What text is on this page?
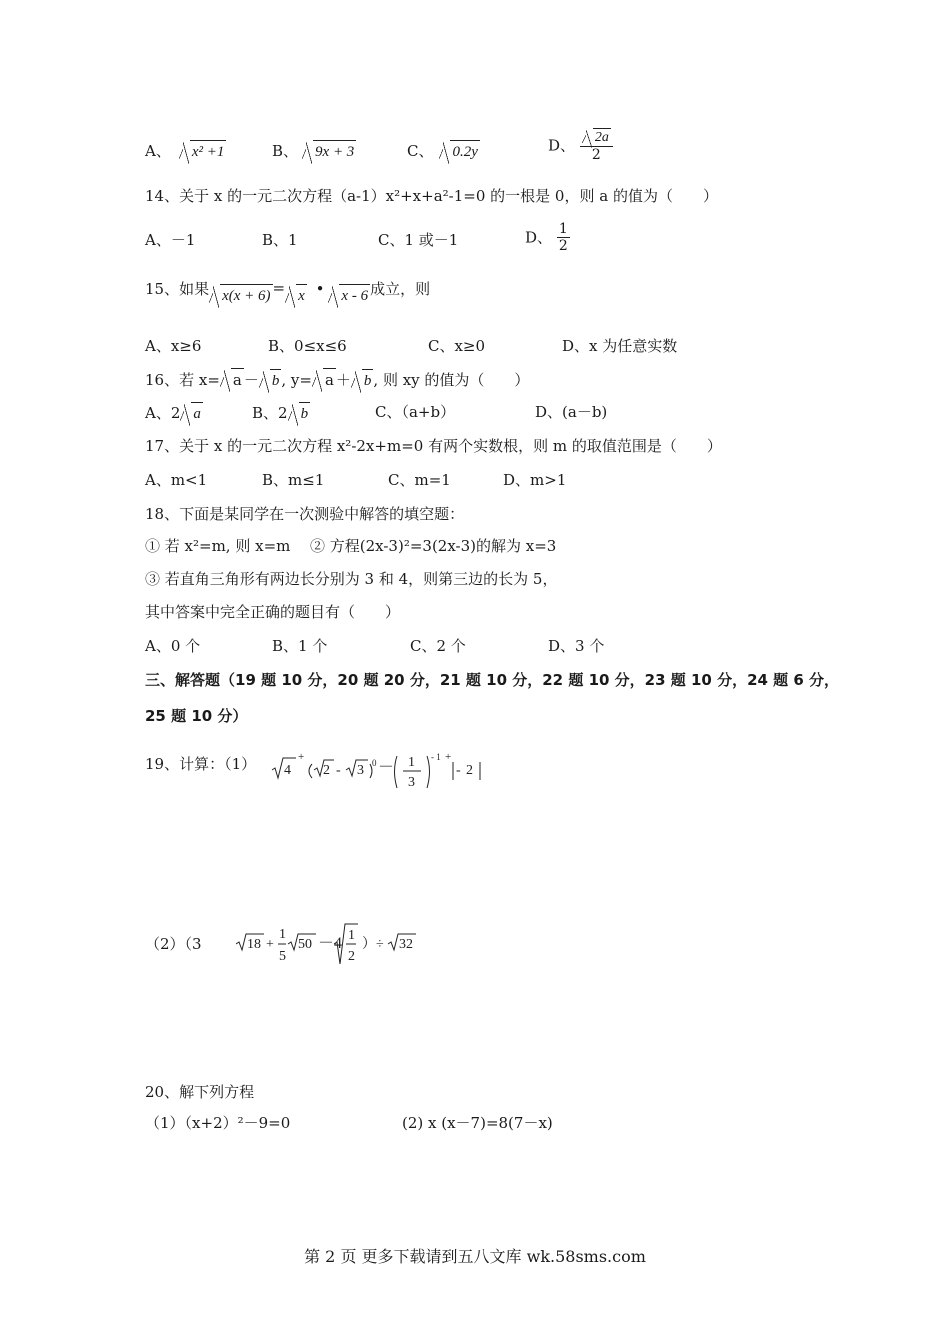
A、 x² +1	B、 9x + 3	C、 0.2y	D、 $\frac{2a}{2}$
14、关于 x 的一元二次方程（a-1）x²+x+a²-1=0 的一根是 0，则 a 的值为（　　）
A、－1	B、1	C、1 或－1	D、 $\frac{1}{2}$
15、如果 x(x + 6) = x • x - 6 成立，则
A、x≥6	B、0≤x≤6	C、x≥0	D、x 为任意实数
16、若 x= a － b , y= a ＋ b , 则 xy 的值为（　　）
A、2 a	B、2 b	C、（a+b）	D、(a－b)
17、关于 x 的一元二次方程 x²-2x+m=0 有两个实数根，则 m 的取值范围是（　　）
A、m<1	B、m≤1	C、m=1	D、m>1
18、下面是某同学在一次测验中解答的填空题：
① 若 x²=m, 则 x=m ② 方程(2x-3)²=3(2x-3)的解为 x=3
③ 若直角三角形有两边长分别为 3 和 4，则第三边的长为 5，
其中答案中完全正确的题目有（　　）
A、0 个	B、1 个	C、2 个	D、3 个
三、解答题（19 题 10 分，20 题 20 分，21 题 10 分，22 题 10 分，23 题 10 分，24 题 6 分，
25 题 10 分）
19、计算：（1） 4
+
2 - 3 0 － 1
3
- 1 +
- 2
（2）（3	18 +
1
5
50 －4 1
2
）÷ 32
20、解下列方程
（1）（x+2）²－9=0	(2) x (x－7)=8(7－x)
第 2 页 更多下载请到五八文库 wk.58sms.com
